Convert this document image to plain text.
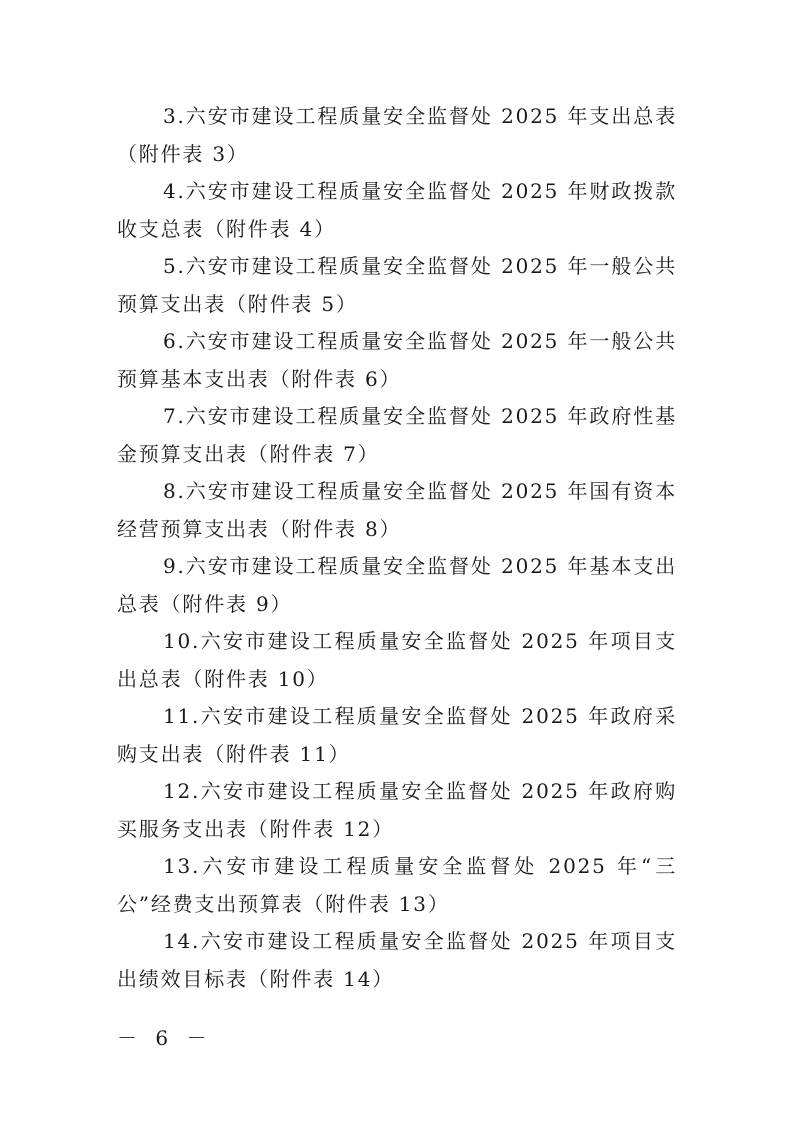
3.六安市建设工程质量安全监督处 2025 年支出总表（附件表 3）

4.六安市建设工程质量安全监督处 2025 年财政拨款收支总表（附件表 4）

5.六安市建设工程质量安全监督处 2025 年一般公共预算支出表（附件表 5）

6.六安市建设工程质量安全监督处 2025 年一般公共预算基本支出表（附件表 6）

7.六安市建设工程质量安全监督处 2025 年政府性基金预算支出表（附件表 7）

8.六安市建设工程质量安全监督处 2025 年国有资本经营预算支出表（附件表 8）

9.六安市建设工程质量安全监督处 2025 年基本支出总表（附件表 9）

10.六安市建设工程质量安全监督处 2025 年项目支出总表（附件表 10）

11.六安市建设工程质量安全监督处 2025 年政府采购支出表（附件表 11）

12.六安市建设工程质量安全监督处 2025 年政府购买服务支出表（附件表 12）

13.六安市建设工程质量安全监督处 2025 年“三公”经费支出预算表（附件表 13）

14.六安市建设工程质量安全监督处 2025 年项目支出绩效目标表（附件表 14）

－ 6 －
